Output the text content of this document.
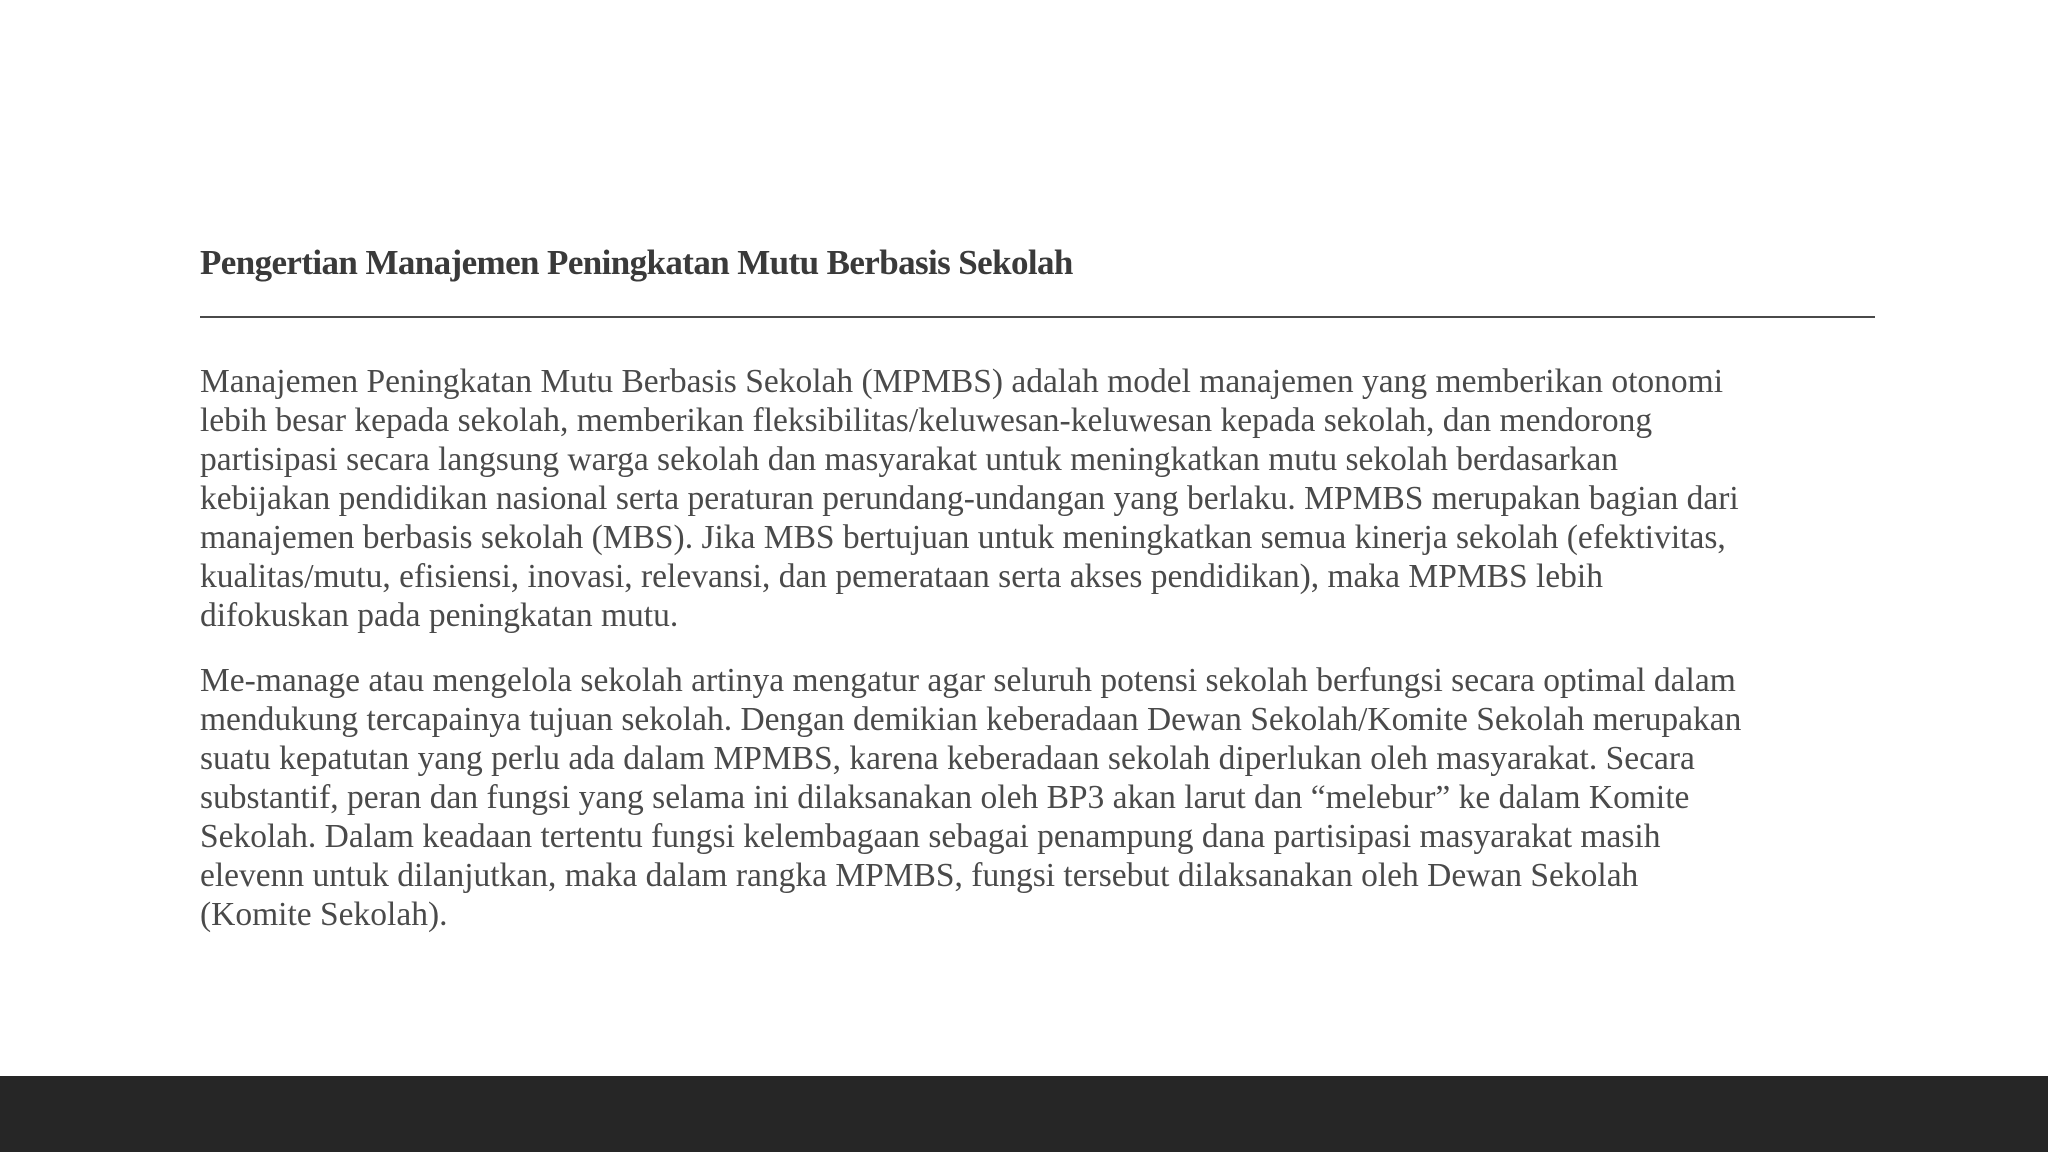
Pengertian Manajemen Peningkatan Mutu Berbasis Sekolah

Manajemen Peningkatan Mutu Berbasis Sekolah (MPMBS) adalah model manajemen yang memberikan otonomi
lebih besar kepada sekolah, memberikan fleksibilitas/keluwesan-keluwesan kepada sekolah, dan mendorong
partisipasi secara langsung warga sekolah dan masyarakat untuk meningkatkan mutu sekolah berdasarkan
kebijakan pendidikan nasional serta peraturan perundang-undangan yang berlaku. MPMBS merupakan bagian dari
manajemen berbasis sekolah (MBS). Jika MBS bertujuan untuk meningkatkan semua kinerja sekolah (efektivitas,
kualitas/mutu, efisiensi, inovasi, relevansi, dan pemerataan serta akses pendidikan), maka MPMBS lebih
difokuskan pada peningkatan mutu.

Me-manage atau mengelola sekolah artinya mengatur agar seluruh potensi sekolah berfungsi secara optimal dalam
mendukung tercapainya tujuan sekolah. Dengan demikian keberadaan Dewan Sekolah/Komite Sekolah merupakan
suatu kepatutan yang perlu ada dalam MPMBS, karena keberadaan sekolah diperlukan oleh masyarakat. Secara
substantif, peran dan fungsi yang selama ini dilaksanakan oleh BP3 akan larut dan “melebur” ke dalam Komite
Sekolah. Dalam keadaan tertentu fungsi kelembagaan sebagai penampung dana partisipasi masyarakat masih
elevenn untuk dilanjutkan, maka dalam rangka MPMBS, fungsi tersebut dilaksanakan oleh Dewan Sekolah
(Komite Sekolah).
